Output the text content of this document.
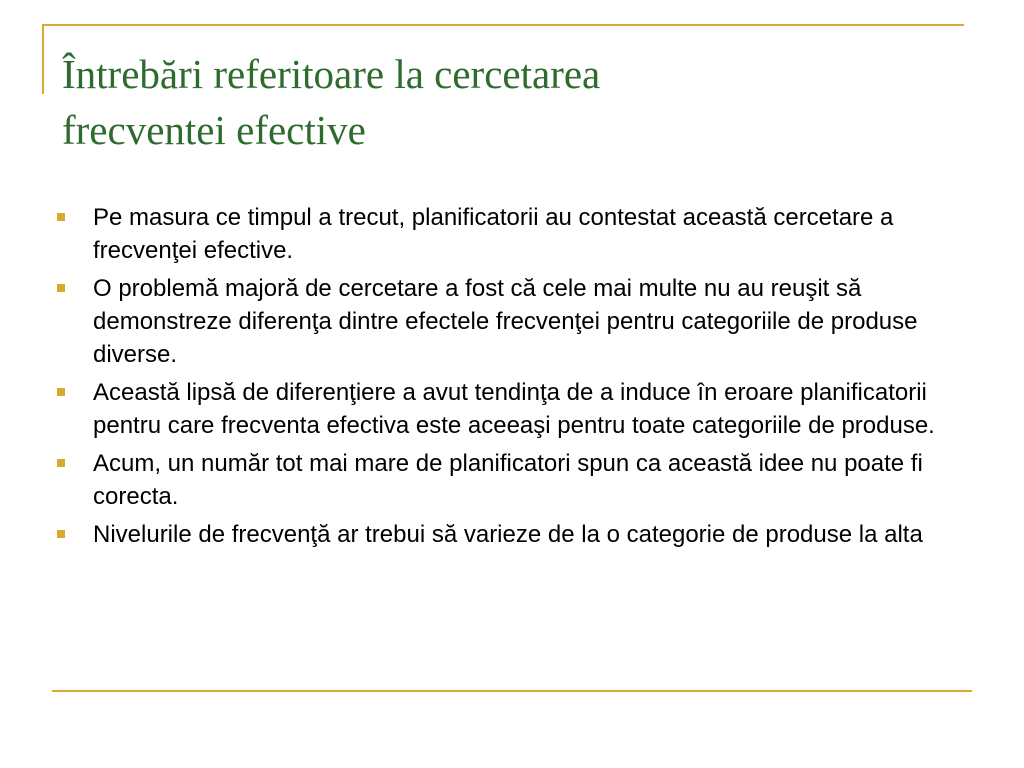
Întrebări referitoare la cercetarea
frecventei efective
Pe masura ce timpul a trecut, planificatorii au contestat această cercetare a frecvenţei efective.
O problemă majoră de cercetare a fost că cele mai multe nu au reuşit să demonstreze diferenţa dintre efectele frecvenţei pentru categoriile de produse diverse.
Această lipsă de diferenţiere a avut tendinţa de a induce în eroare planificatorii pentru care frecventa efectiva este aceeaşi pentru toate categoriile de produse.
Acum, un număr tot mai mare de planificatori spun ca această idee nu poate fi corecta.
Nivelurile de frecvenţă ar trebui să varieze de la o categorie de produse la alta
